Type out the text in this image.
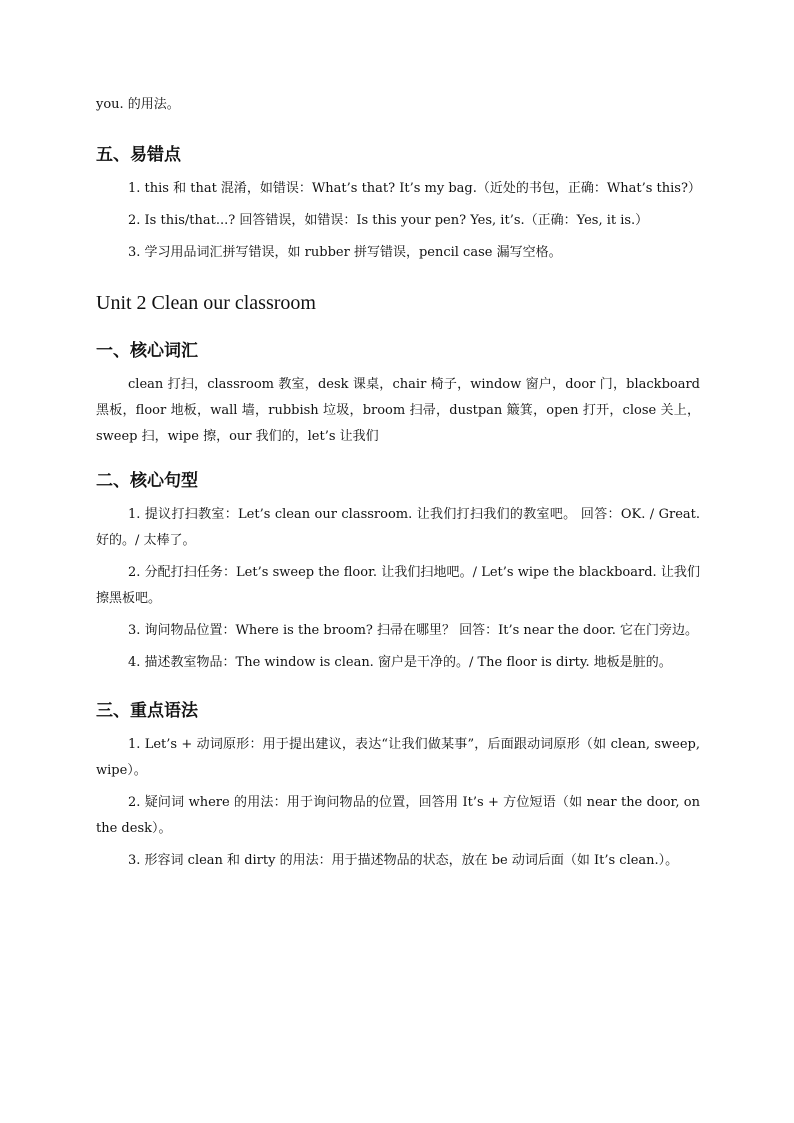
you. 的用法。

五、易错点

1. this 和 that 混淆，如错误：What’s that? It’s my bag.（近处的书包，正确：What’s this?）

2. Is this/that...? 回答错误，如错误：Is this your pen? Yes, it’s.（正确：Yes, it is.）

3. 学习用品词汇拼写错误，如 rubber 拼写错误，pencil case 漏写空格。

Unit 2 Clean our classroom
一、核心词汇

clean 打扫，classroom 教室，desk 课桌，chair 椅子，window 窗户，door 门，blackboard 黑板，floor 地板，wall 墙，rubbish 垃圾，broom 扫帚，dustpan 簸箕，open 打开，close 关上，sweep 扫，wipe 擦，our 我们的，let’s 让我们

二、核心句型

1. 提议打扫教室：Let’s clean our classroom. 让我们打扫我们的教室吧。 回答：OK. / Great. 好的。/ 太棒了。

2. 分配打扫任务：Let’s sweep the floor. 让我们扫地吧。/ Let’s wipe the blackboard. 让我们擦黑板吧。

3. 询问物品位置：Where is the broom? 扫帚在哪里？ 回答：It’s near the door. 它在门旁边。

4. 描述教室物品：The window is clean. 窗户是干净的。/ The floor is dirty. 地板是脏的。

三、重点语法

1. Let’s + 动词原形：用于提出建议，表达“让我们做某事”，后面跟动词原形（如 clean, sweep, wipe）。

2. 疑问词 where 的用法：用于询问物品的位置，回答用 It’s + 方位短语（如 near the door, on the desk）。

3. 形容词 clean 和 dirty 的用法：用于描述物品的状态，放在 be 动词后面（如 It’s clean.）。
